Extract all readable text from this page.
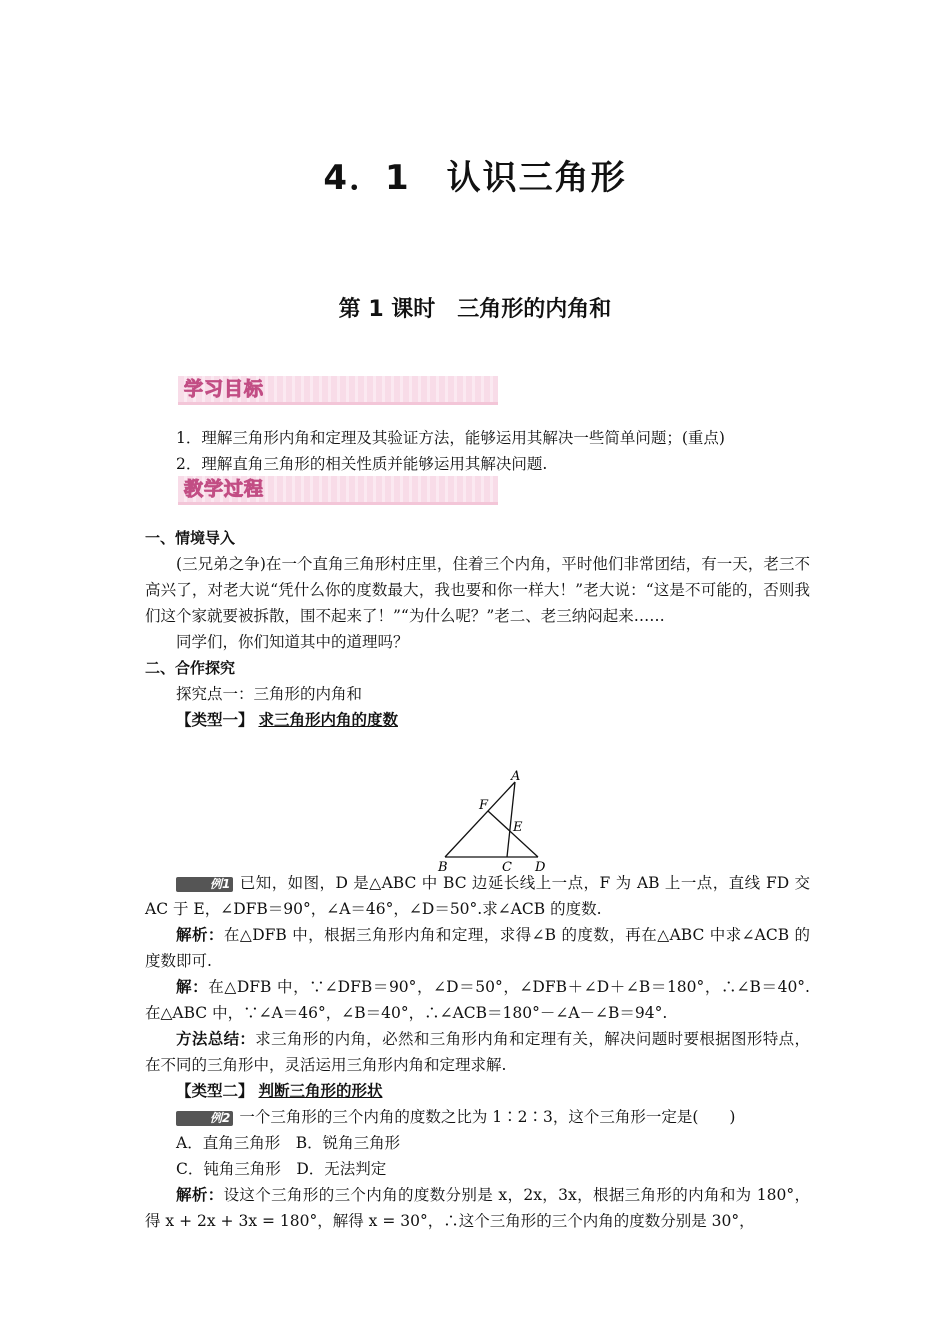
4．1　认识三角形
第 1 课时　三角形的内角和
学习目标

1．理解三角形内角和定理及其验证方法，能够运用其解决一些简单问题；(重点)

2．理解直角三角形的相关性质并能够运用其解决问题.

教学过程

一、情境导入

(三兄弟之争)在一个直角三角形村庄里，住着三个内角，平时他们非常团结，有一天，老三不高兴了，对老大说“凭什么你的度数最大，我也要和你一样大！”老大说：“这是不可能的，否则我们这个家就要被拆散，围不起来了！”“为什么呢？”老二、老三纳闷起来……

同学们，你们知道其中的道理吗？

二、合作探究

探究点一：三角形的内角和

【类型一】 求三角形内角的度数

A
F
E
B	C D

例1 已知，如图，D 是△ABC 中 BC 边延长线上一点，F 为 AB 上一点，直线 FD 交 AC 于 E，∠DFB＝90°，∠A＝46°，∠D＝50°.求∠ACB 的度数.

解析：在△DFB 中，根据三角形内角和定理，求得∠B 的度数，再在△ABC 中求∠ACB 的度数即可.

解：在△DFB 中，∵∠DFB＝90°，∠D＝50°，∠DFB＋∠D＋∠B＝180°，∴∠B＝40°.在△ABC 中，∵∠A＝46°，∠B＝40°，∴∠ACB＝180°－∠A－∠B＝94°.

方法总结：求三角形的内角，必然和三角形内角和定理有关，解决问题时要根据图形特点，在不同的三角形中，灵活运用三角形内角和定理求解.

【类型二】 判断三角形的形状

例2 一个三角形的三个内角的度数之比为 1∶2∶3，这个三角形一定是(　　)

A．直角三角形　B．锐角三角形

C．钝角三角形　D．无法判定

解析：设这个三角形的三个内角的度数分别是 x，2x，3x，根据三角形的内角和为 180°，得 x + 2x + 3x = 180°，解得 x = 30°，∴这个三角形的三个内角的度数分别是 30°，
